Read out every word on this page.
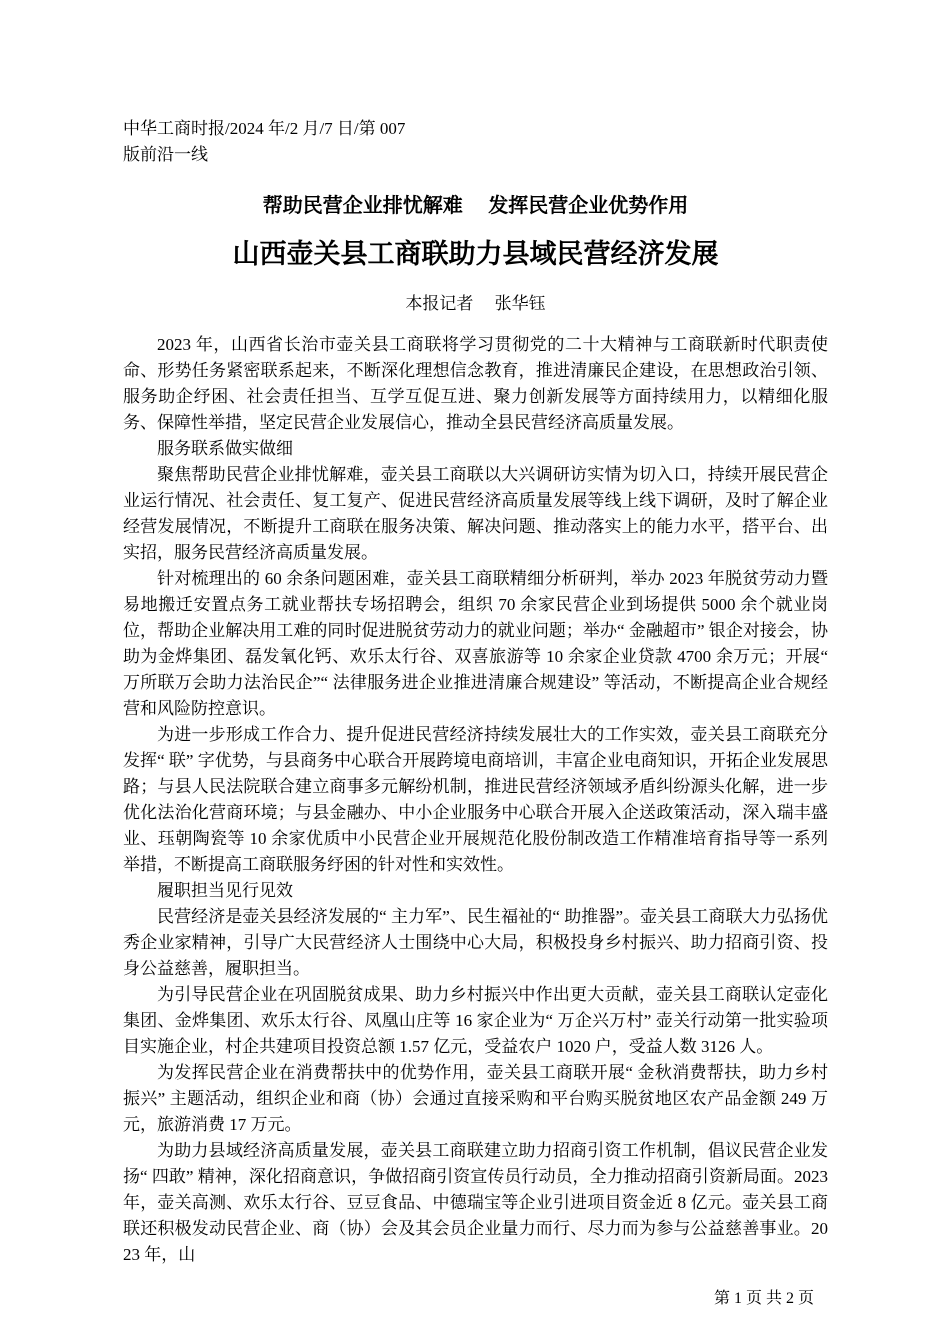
中华工商时报/2024 年/2 月/7 日/第 007
版前沿一线
帮助民营企业排忧解难　 发挥民营企业优势作用
山西壶关县工商联助力县域民营经济发展
本报记者　 张华钰

2023 年，山西省长治市壶关县工商联将学习贯彻党的二十大精神与工商联新时代职责使命、形势任务紧密联系起来，不断深化理想信念教育，推进清廉民企建设，在思想政治引领、服务助企纾困、社会责任担当、互学互促互进、聚力创新发展等方面持续用力，以精细化服务、保障性举措，坚定民营企业发展信心，推动全县民营经济高质量发展。

服务联系做实做细

聚焦帮助民营企业排忧解难，壶关县工商联以大兴调研访实情为切入口，持续开展民营企业运行情况、社会责任、复工复产、促进民营经济高质量发展等线上线下调研，及时了解企业经营发展情况，不断提升工商联在服务决策、解决问题、推动落实上的能力水平，搭平台、出实招，服务民营经济高质量发展。

针对梳理出的 60 余条问题困难，壶关县工商联精细分析研判，举办 2023 年脱贫劳动力暨易地搬迁安置点务工就业帮扶专场招聘会，组织 70 余家民营企业到场提供 5000 余个就业岗位，帮助企业解决用工难的同时促进脱贫劳动力的就业问题；举办“ 金融超市” 银企对接会，协助为金烨集团、磊发氧化钙、欢乐太行谷、双喜旅游等 10 余家企业贷款 4700 余万元；开展“ 万所联万会助力法治民企”“ 法律服务进企业推进清廉合规建设” 等活动，不断提高企业合规经营和风险防控意识。

为进一步形成工作合力、提升促进民营经济持续发展壮大的工作实效，壶关县工商联充分发挥“ 联” 字优势，与县商务中心联合开展跨境电商培训，丰富企业电商知识，开拓企业发展思路；与县人民法院联合建立商事多元解纷机制，推进民营经济领域矛盾纠纷源头化解，进一步优化法治化营商环境；与县金融办、中小企业服务中心联合开展入企送政策活动，深入瑞丰盛业、珏朝陶瓷等 10 余家优质中小民营企业开展规范化股份制改造工作精准培育指导等一系列举措，不断提高工商联服务纾困的针对性和实效性。

履职担当见行见效

民营经济是壶关县经济发展的“ 主力军”、民生福祉的“ 助推器”。壶关县工商联大力弘扬优秀企业家精神，引导广大民营经济人士围绕中心大局，积极投身乡村振兴、助力招商引资、投身公益慈善，履职担当。

为引导民营企业在巩固脱贫成果、助力乡村振兴中作出更大贡献，壶关县工商联认定壶化集团、金烨集团、欢乐太行谷、凤凰山庄等 16 家企业为“ 万企兴万村” 壶关行动第一批实验项目实施企业，村企共建项目投资总额 1.57 亿元，受益农户 1020 户，受益人数 3126 人。

为发挥民营企业在消费帮扶中的优势作用，壶关县工商联开展“ 金秋消费帮扶，助力乡村振兴” 主题活动，组织企业和商（协）会通过直接采购和平台购买脱贫地区农产品金额 249 万元，旅游消费 17 万元。

为助力县域经济高质量发展，壶关县工商联建立助力招商引资工作机制，倡议民营企业发扬“ 四敢” 精神，深化招商意识，争做招商引资宣传员行动员，全力推动招商引资新局面。2023 年，壶关高测、欢乐太行谷、豆豆食品、中德瑞宝等企业引进项目资金近 8 亿元。壶关县工商联还积极发动民营企业、商（协）会及其会员企业量力而行、尽力而为参与公益慈善事业。2023 年，山

第 1 页 共 2 页
